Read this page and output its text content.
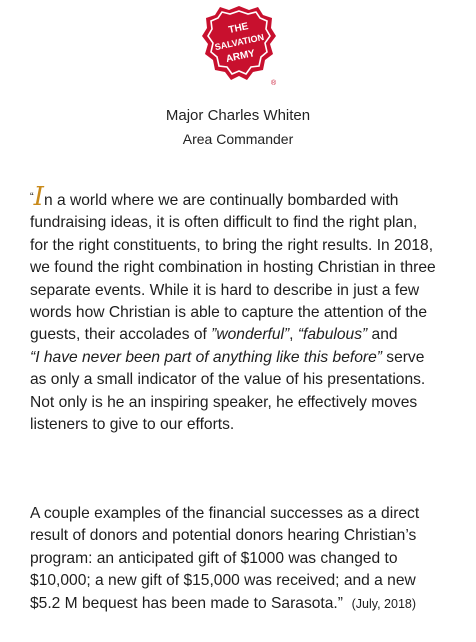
THE
SALVATION
ARMY
®
Major Charles Whiten
Area Commander
“In a world where we are continually bombarded with
fundraising ideas, it is often difficult to find the right plan,
for the right constituents, to bring the right results. In 2018,
we found the right combination in hosting Christian in three
separate events. While it is hard to describe in just a few
words how Christian is able to capture the attention of the
guests, their accolades of ”wonderful”, “fabulous” and
“I have never been part of anything like this before” serve
as only a small indicator of the value of his presentations.
Not only is he an inspiring speaker, he effectively moves
listeners to give to our efforts.
A couple examples of the financial successes as a direct
result of donors and potential donors hearing Christian’s
program: an anticipated gift of $1000 was changed to
$10,000; a new gift of $15,000 was received; and a new
$5.2 M bequest has been made to Sarasota.” (July, 2018)
